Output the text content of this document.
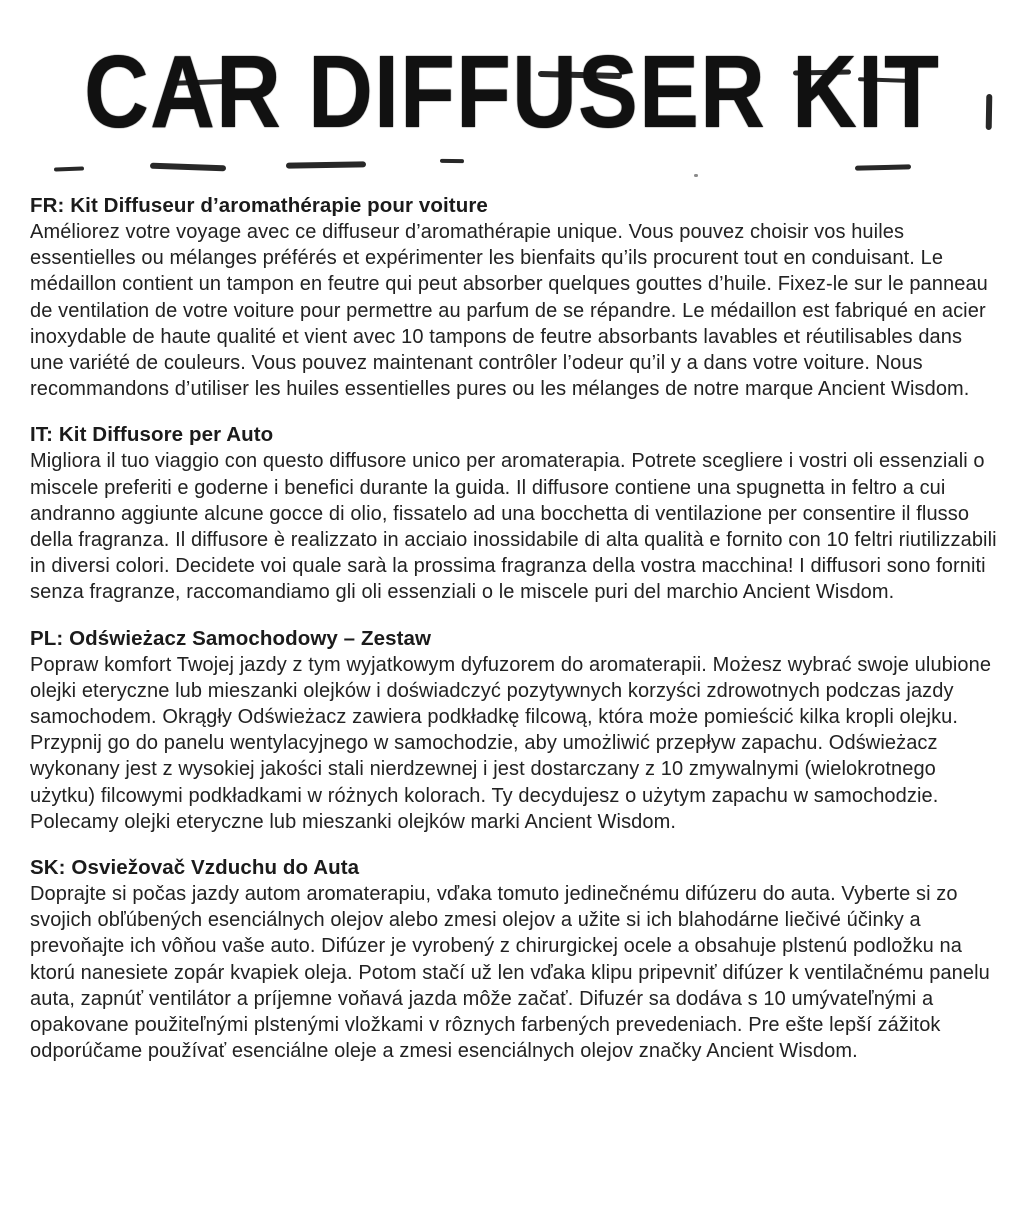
CAR DIFFUSER KIT
FR: Kit Diffuseur d’aromathérapie pour voiture

Améliorez votre voyage avec ce diffuseur d’aromathérapie unique. Vous pouvez choisir vos huiles essentielles ou mélanges préférés et expérimenter les bienfaits qu’ils procurent tout en conduisant. Le médaillon contient un tampon en feutre qui peut absorber quelques gouttes d’huile. Fixez-le sur le panneau de ventilation de votre voiture pour permettre au parfum de se répandre. Le médaillon est fabriqué en acier inoxydable de haute qualité et vient avec 10 tampons de feutre absorbants lavables et réutilisables dans une variété de couleurs. Vous pouvez maintenant contrôler l’odeur qu’il y a dans votre voiture. Nous recommandons d’utiliser les huiles essentielles pures ou les mélanges de notre marque Ancient Wisdom.

IT: Kit Diffusore per Auto

Migliora il tuo viaggio con questo diffusore unico per aromaterapia. Potrete scegliere i vostri oli essenziali o miscele preferiti e goderne i benefici durante la guida. Il diffusore contiene una spugnetta in feltro a cui andranno aggiunte alcune gocce di olio, fissatelo ad una bocchetta di ventilazione per consentire il flusso della fragranza. Il diffusore è realizzato in acciaio inossidabile di alta qualità e fornito con 10 feltri riutilizzabili in diversi colori. Decidete voi quale sarà la prossima fragranza della vostra macchina! I diffusori sono forniti senza fragranze, raccomandiamo gli oli essenziali o le miscele puri del marchio Ancient Wisdom.

PL: Odświeżacz Samochodowy – Zestaw

Popraw komfort Twojej jazdy z tym wyjatkowym dyfuzorem do aromaterapii. Możesz wybrać swoje ulubione olejki eteryczne lub mieszanki olejków i doświadczyć pozytywnych korzyści zdrowotnych podczas jazdy samochodem. Okrągły Odświeżacz zawiera podkładkę filcową, która może pomieścić kilka kropli olejku. Przypnij go do panelu wentylacyjnego w samochodzie, aby umożliwić przepływ zapachu. Odświeżacz wykonany jest z wysokiej jakości stali nierdzewnej i jest dostarczany z 10 zmywalnymi (wielokrotnego użytku) filcowymi podkładkami w różnych kolorach. Ty decydujesz o użytym zapachu w samochodzie. Polecamy olejki eteryczne lub mieszanki olejków marki Ancient Wisdom.

SK: Osviežovač Vzduchu do Auta

Doprajte si počas jazdy autom aromaterapiu, vďaka tomuto jedinečnému difúzeru do auta. Vyberte si zo svojich obľúbených esenciálnych olejov alebo zmesi olejov a užite si ich blahodárne liečivé účinky a prevoňajte ich vôňou vaše auto. Difúzer je vyrobený z chirurgickej ocele a obsahuje plstenú podložku na ktorú nanesiete zopár kvapiek oleja. Potom stačí už len vďaka klipu pripevniť difúzer k ventilačnému panelu auta, zapnúť ventilátor a príjemne voňavá jazda môže začať. Difuzér sa dodáva s 10 umývateľnými a opakovane použiteľnými plstenými vložkami v rôznych farbených prevedeniach. Pre ešte lepší zážitok odporúčame používať esenciálne oleje a zmesi esenciálnych olejov značky Ancient Wisdom.
